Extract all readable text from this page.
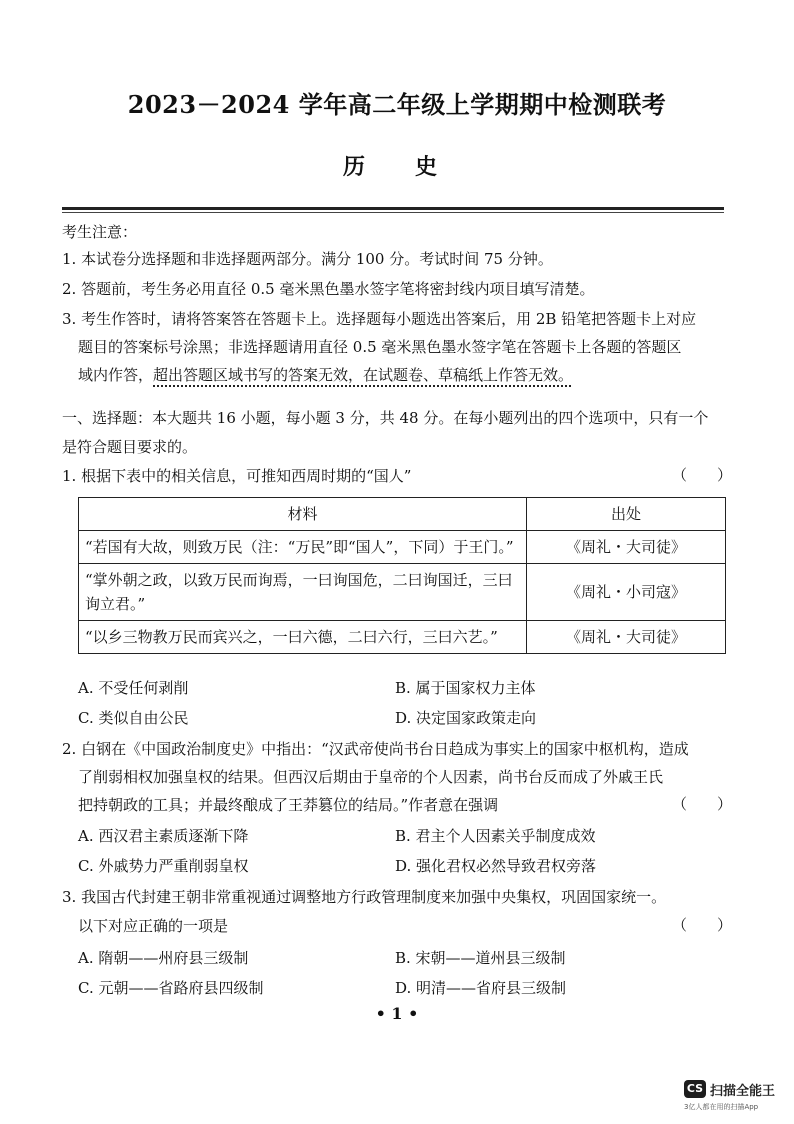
2023－2024 学年高二年级上学期期中检测联考
历　史
考生注意：
1. 本试卷分选择题和非选择题两部分。满分 100 分。考试时间 75 分钟。
2. 答题前，考生务必用直径 0.5 毫米黑色墨水签字笔将密封线内项目填写清楚。
3. 考生作答时，请将答案答在答题卡上。选择题每小题选出答案后，用 2B 铅笔把答题卡上对应
题目的答案标号涂黑；非选择题请用直径 0.5 毫米黑色墨水签字笔在答题卡上各题的答题区
域内作答，超出答题区域书写的答案无效，在试题卷、草稿纸上作答无效。
一、选择题：本大题共 16 小题，每小题 3 分，共 48 分。在每小题列出的四个选项中，只有一个
是符合题目要求的。
1. 根据下表中的相关信息，可推知西周时期的“国人”	（　　）
材料	出处
“若国有大故，则致万民（注：“万民”即“国人”，下同）于王门。”	《周礼・大司徒》
“掌外朝之政，以致万民而询焉，一曰询国危，二曰询国迁，三曰询立君。”	《周礼・小司寇》
“以乡三物教万民而宾兴之，一曰六德，二曰六行，三曰六艺。”	《周礼・大司徒》
A. 不受任何剥削	B. 属于国家权力主体
C. 类似自由公民	D. 决定国家政策走向
2. 白钢在《中国政治制度史》中指出：“汉武帝使尚书台日趋成为事实上的国家中枢机构，造成
了削弱相权加强皇权的结果。但西汉后期由于皇帝的个人因素，尚书台反而成了外戚王氏
把持朝政的工具；并最终酿成了王莽篡位的结局。”作者意在强调	（　　）
A. 西汉君主素质逐渐下降	B. 君主个人因素关乎制度成效
C. 外戚势力严重削弱皇权	D. 强化君权必然导致君权旁落
3. 我国古代封建王朝非常重视通过调整地方行政管理制度来加强中央集权，巩固国家统一。
以下对应正确的一项是	（　　）
A. 隋朝——州府县三级制	B. 宋朝——道州县三级制
C. 元朝——省路府县四级制	D. 明清——省府县三级制
• 1 •
CS 扫描全能王
3亿人都在用的扫描App
